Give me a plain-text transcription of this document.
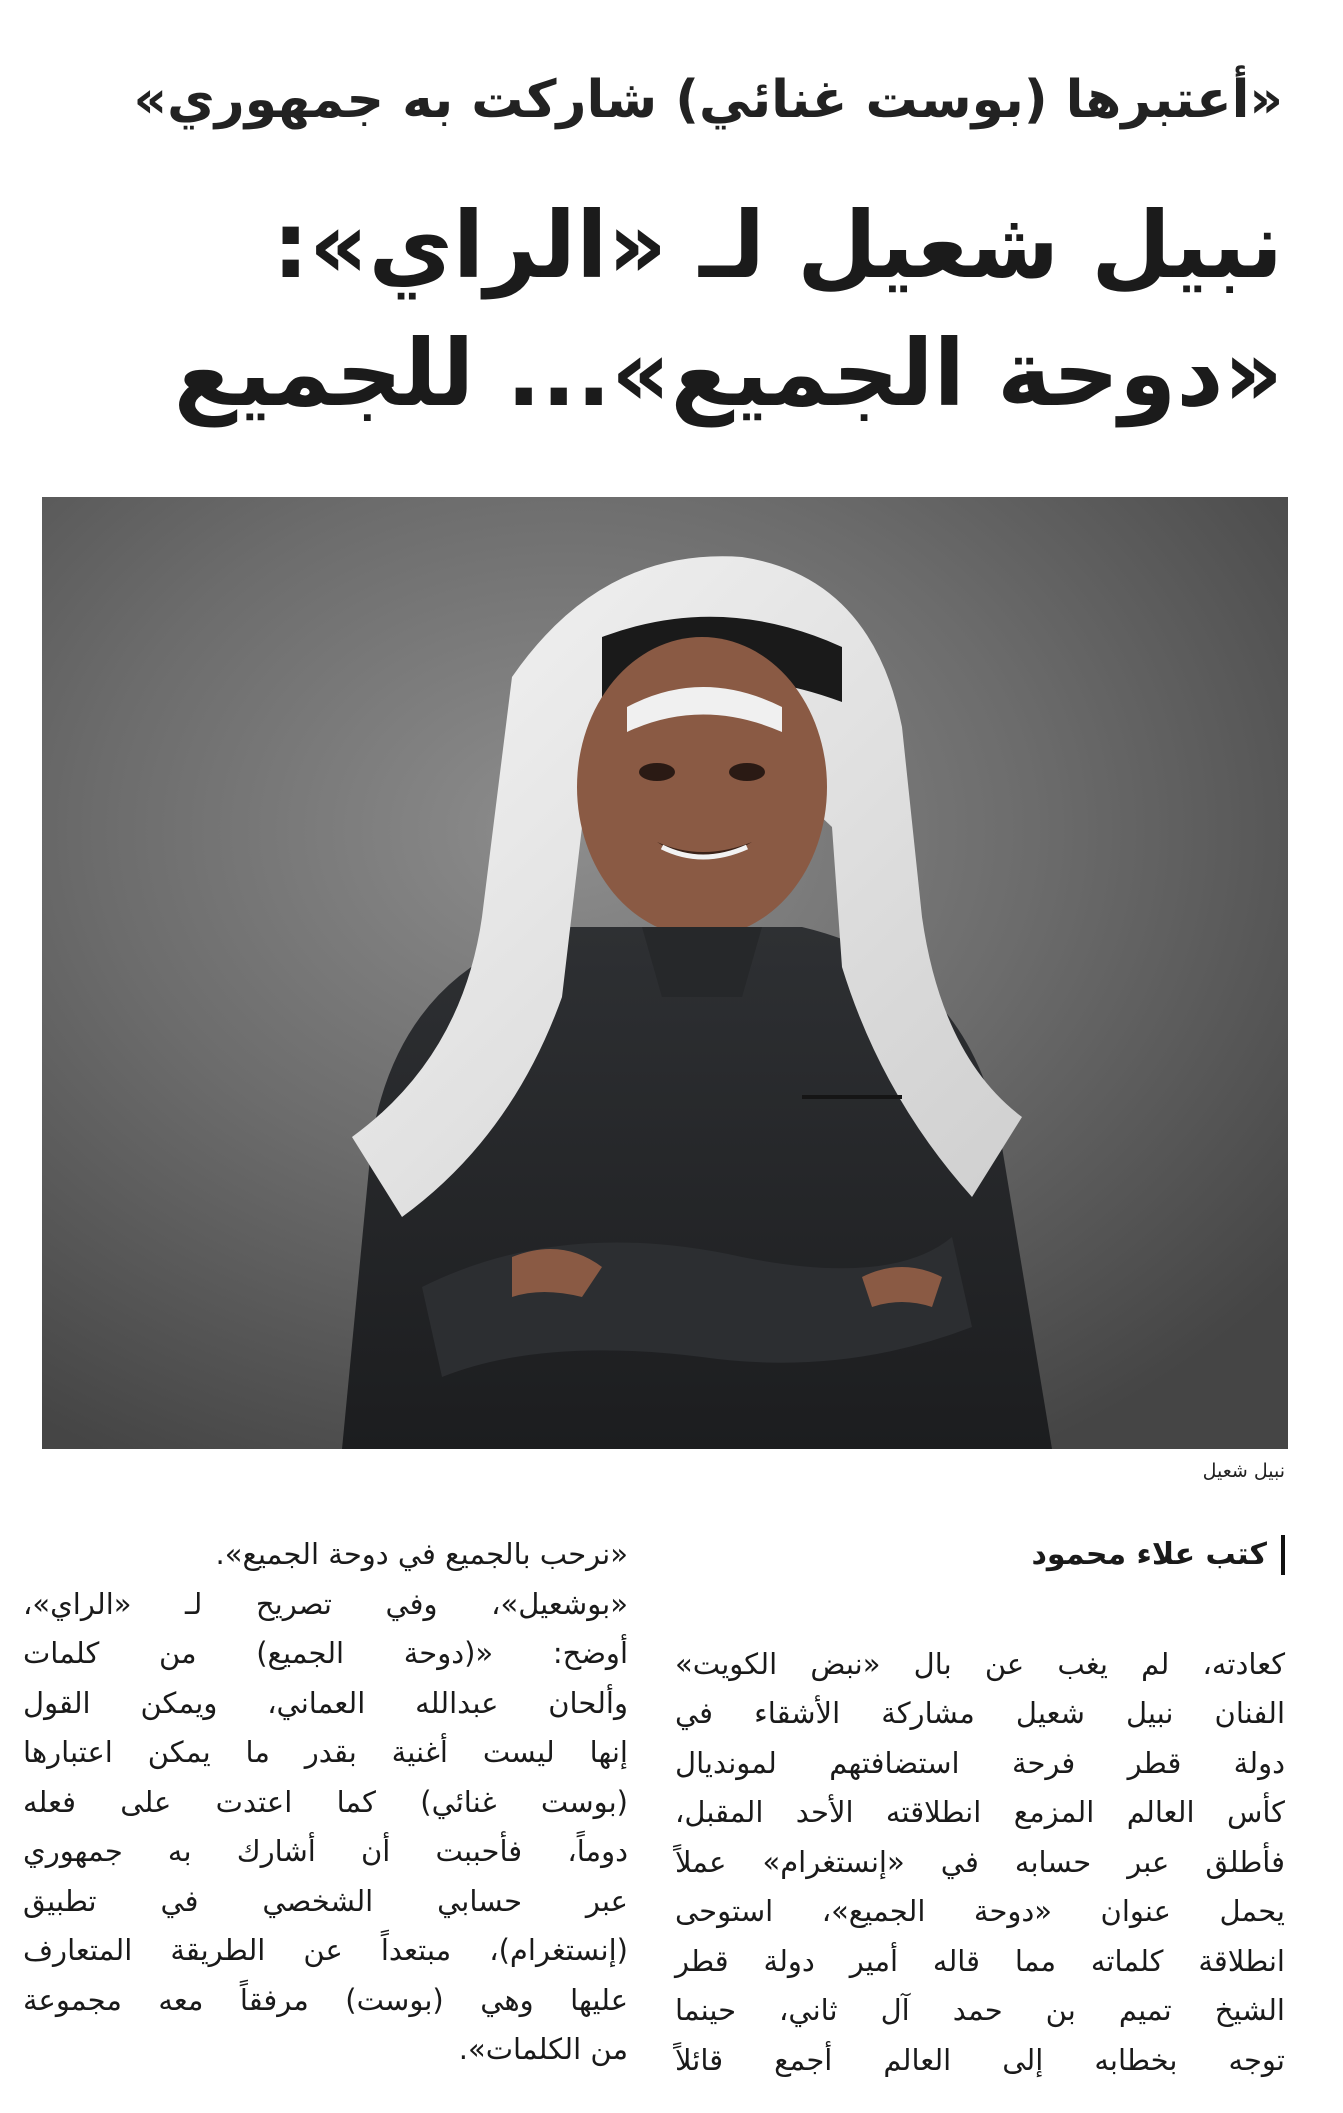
«أعتبرها (بوست غنائي) شاركت به جمهوري»
نبيل شعيل لـ «الراي»:
«دوحة الجميع»... للجميع
نبيل شعيل
كتب علاء محمود
كعادته، لم يغب عن بال «نبض الكويت»
الفنان نبيل شعيل مشاركة الأشقاء في
دولة قطر فرحة استضافتهم لمونديال
كأس العالم المزمع انطلاقته الأحد المقبل،
فأطلق عبر حسابه في «إنستغرام» عملاً
يحمل عنوان «دوحة الجميع»، استوحى
انطلاقة كلماته مما قاله أمير دولة قطر
الشيخ تميم بن حمد آل ثاني، حينما
توجه بخطابه إلى العالم أجمع قائلاً
«نرحب بالجميع في دوحة الجميع».
«بوشعيل»، وفي تصريح لـ «الراي»،
أوضح: «(دوحة الجميع) من كلمات
وألحان عبدالله العماني، ويمكن القول
إنها ليست أغنية بقدر ما يمكن اعتبارها
(بوست غنائي) كما اعتدت على فعله
دوماً، فأحببت أن أشارك به جمهوري
عبر حسابي الشخصي في تطبيق
(إنستغرام)، مبتعداً عن الطريقة المتعارف
عليها وهي (بوست) مرفقاً معه مجموعة
من الكلمات».
